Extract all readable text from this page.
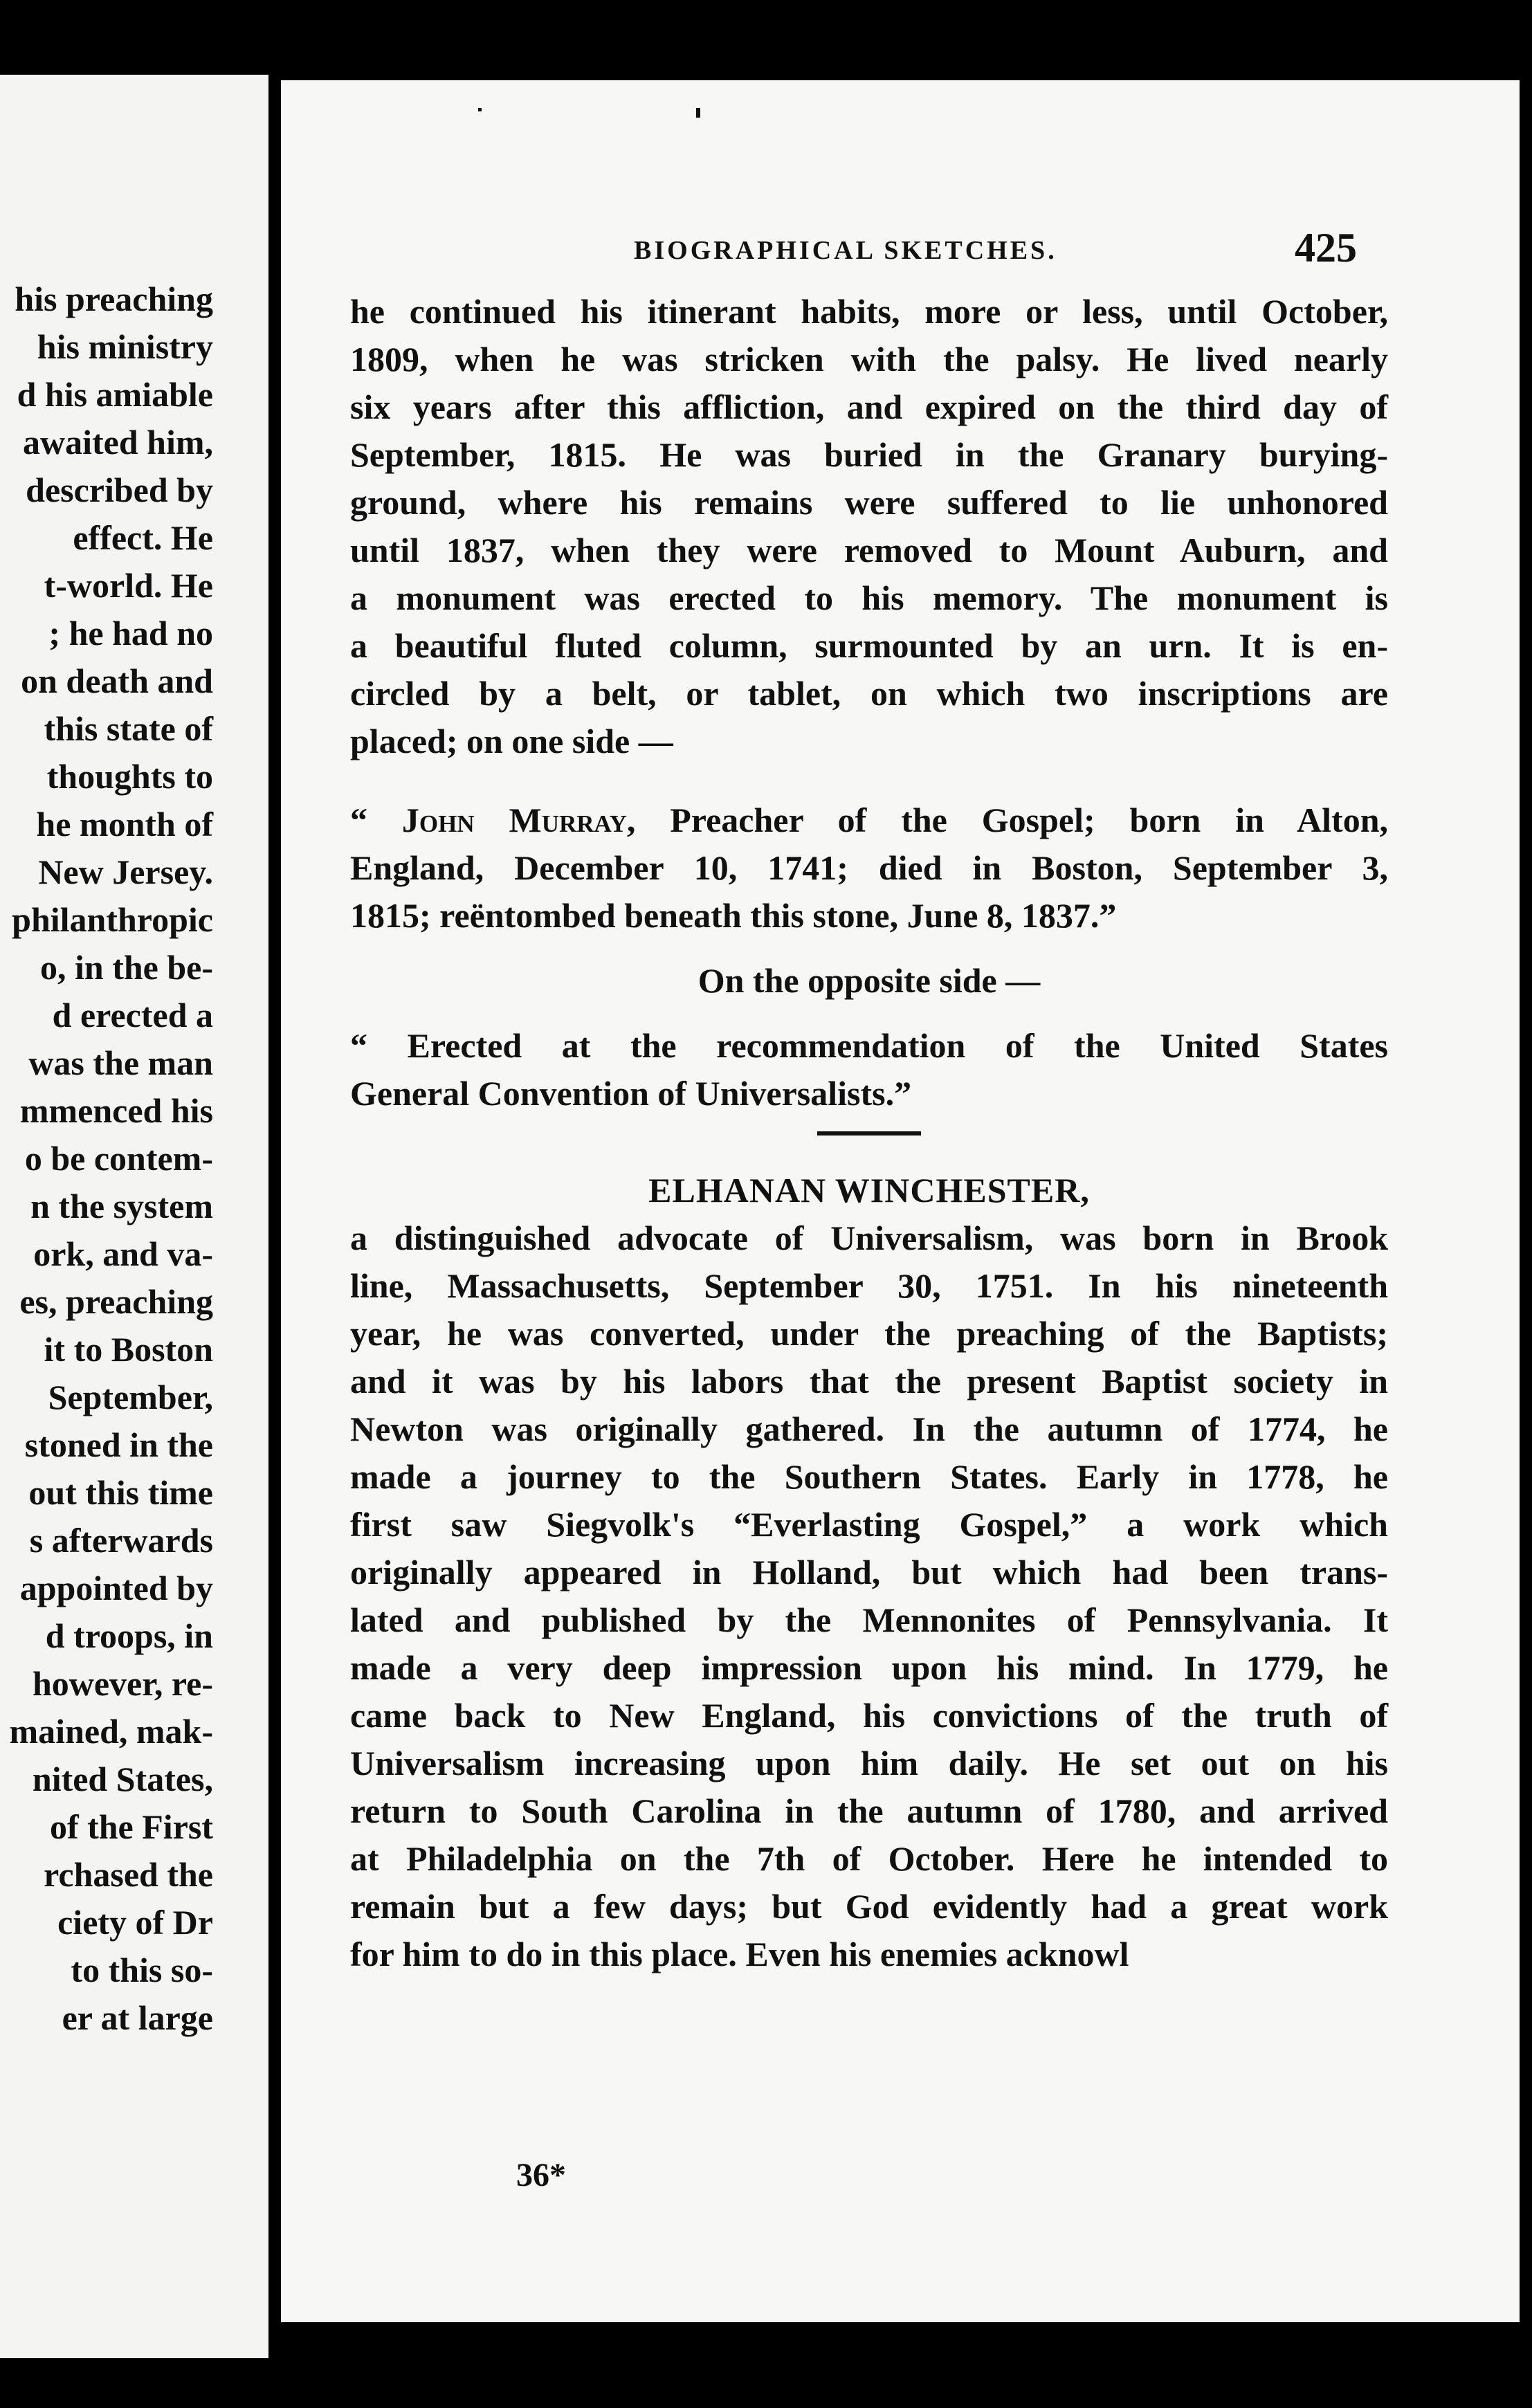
his preaching
his ministry
d his amiable
awaited him,
described by
effect. He
t-world. He
; he had no
on death and
this state of
thoughts to
he month of
New Jersey.
philanthropic
o, in the be-
d erected a
was the man
mmenced his
o be contem-
n the system
ork, and va-
es, preaching
it to Boston
September,
stoned in the
out this time
s afterwards
appointed by
d troops, in
however, re-
mained, mak-
nited States,
of the First
rchased the
ciety of Dr
to this so-
er at large
BIOGRAPHICAL SKETCHES.	425
he continued his itinerant habits, more or less, until October,
1809, when he was stricken with the palsy. He lived nearly
six years after this affliction, and expired on the third day of
September, 1815. He was buried in the Granary burying-
ground, where his remains were suffered to lie unhonored
until 1837, when they were removed to Mount Auburn, and
a monument was erected to his memory. The monument is
a beautiful fluted column, surmounted by an urn. It is en-
circled by a belt, or tablet, on which two inscriptions are
placed; on one side —
“ John Murray, Preacher of the Gospel; born in Alton,
England, December 10, 1741; died in Boston, September 3,
1815; reëntombed beneath this stone, June 8, 1837.”
On the opposite side —
“ Erected at the recommendation of the United States
General Convention of Universalists.”
ELHANAN WINCHESTER,
a distinguished advocate of Universalism, was born in Brook
line, Massachusetts, September 30, 1751. In his nineteenth
year, he was converted, under the preaching of the Baptists;
and it was by his labors that the present Baptist society in
Newton was originally gathered. In the autumn of 1774, he
made a journey to the Southern States. Early in 1778, he
first saw Siegvolk's “Everlasting Gospel,” a work which
originally appeared in Holland, but which had been trans-
lated and published by the Mennonites of Pennsylvania. It
made a very deep impression upon his mind. In 1779, he
came back to New England, his convictions of the truth of
Universalism increasing upon him daily. He set out on his
return to South Carolina in the autumn of 1780, and arrived
at Philadelphia on the 7th of October. Here he intended to
remain but a few days; but God evidently had a great work
for him to do in this place. Even his enemies acknowl
36*
